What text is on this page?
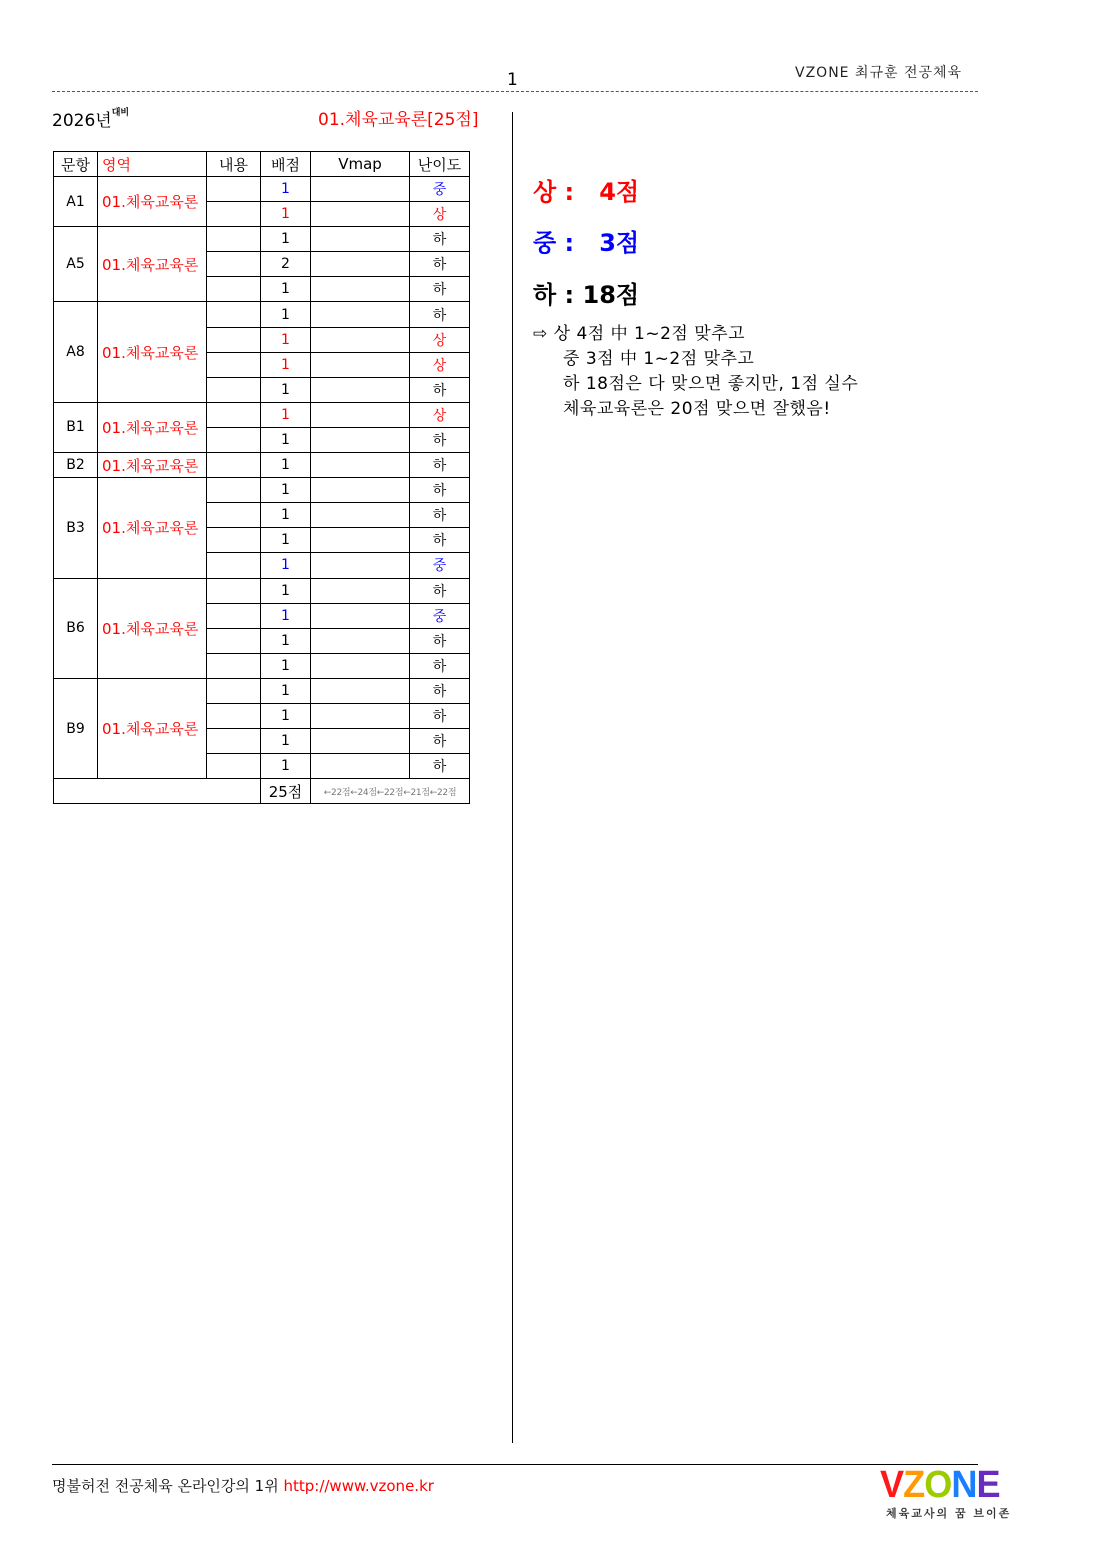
VZONE 최규훈 전공체육
1
2026년$^{대비}$	01.체육교육론[25점]
문항	영역	내용	배점	Vmap	난이도
A1	01.체육교육론		1		중
			1		상
A5	01.체육교육론		1		하
			2		하
			1		하
A8	01.체육교육론		1		하
			1		상
			1		상
			1		하
B1	01.체육교육론		1		상
			1		하
B2	01.체육교육론		1		하
B3	01.체육교육론		1		하
			1		하
			1		하
			1		중
B6	01.체육교육론		1		하
			1		중
			1		하
			1		하
B9	01.체육교육론		1		하
			1		하
			1		하
			1		하
			25점	←22점←24점←22점←21점←22점	
상 :   4점
중 :   3점
하 : 18점
⇨ 상 4점 中 1~2점 맞추고
중 3점 中 1~2점 맞추고
하 18점은 다 맞으면 좋지만, 1점 실수
체육교육론은 20점 맞으면 잘했음!
명불허전 전공체육 온라인강의 1위 http://www.vzone.kr	VZONE
체육교사의 꿈 브이존
